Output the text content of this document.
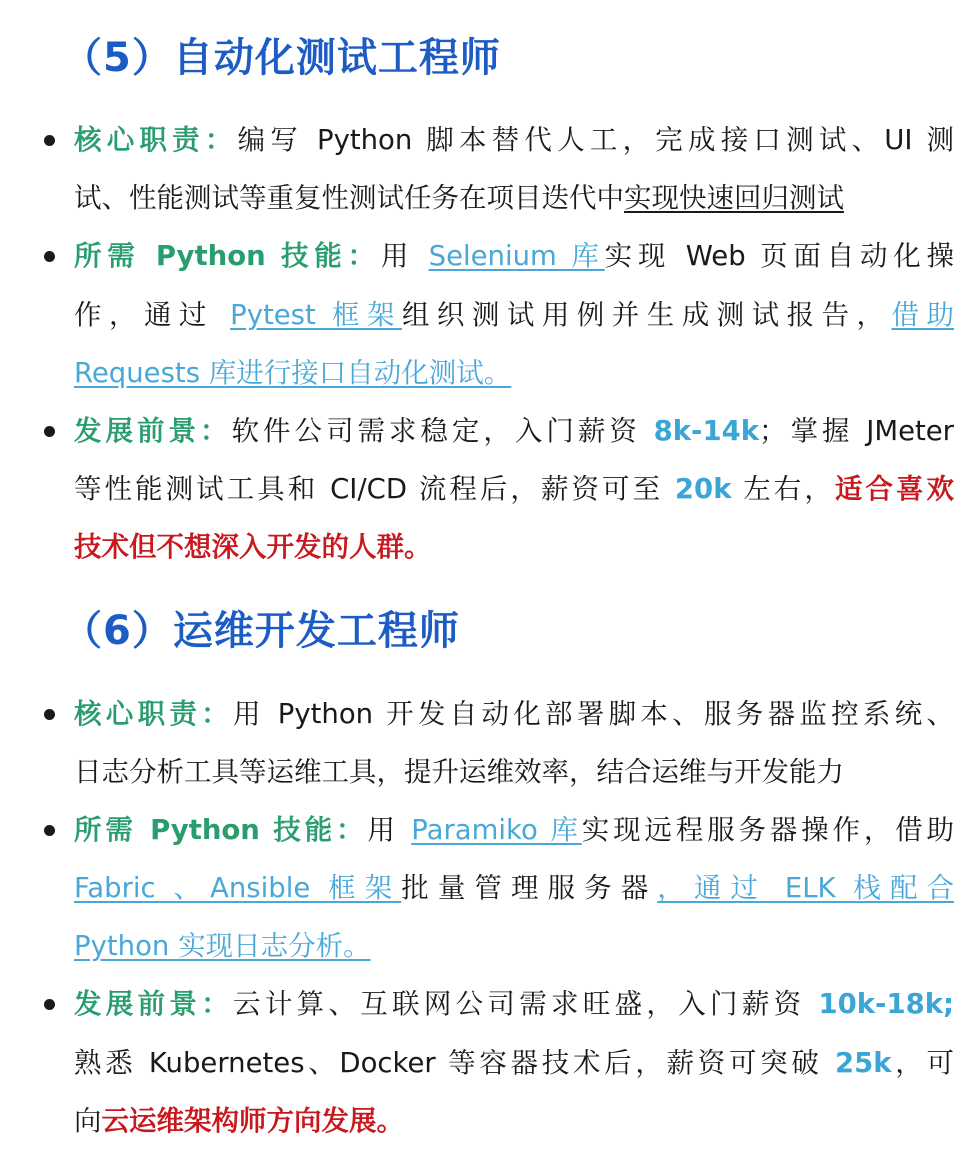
（5）自动化测试工程师
核心职责：编写 Python 脚本替代人工，完成接口测试、UI 测
试、性能测试等重复性测试任务在项目迭代中实现快速回归测试
所需 Python 技能：用 Selenium 库实现 Web 页面自动化操
作，通过 Pytest 框架组织测试用例并生成测试报告，借助
Requests 库进行接口自动化测试。
发展前景：软件公司需求稳定，入门薪资 8k-14k；掌握 JMeter
等性能测试工具和 CI/CD 流程后，薪资可至 20k 左右，适合喜欢
技术但不想深入开发的人群。
（6）运维开发工程师
核心职责：用 Python 开发自动化部署脚本、服务器监控系统、
日志分析工具等运维工具，提升运维效率，结合运维与开发能力
所需 Python 技能：用 Paramiko 库实现远程服务器操作，借助
Fabric 、Ansible 框架批量管理服务器，通过 ELK 栈配合
Python 实现日志分析。
发展前景：云计算、互联网公司需求旺盛，入门薪资 10k-18k;
熟悉 Kubernetes、Docker 等容器技术后，薪资可突破 25k，可
向云运维架构师方向发展。
